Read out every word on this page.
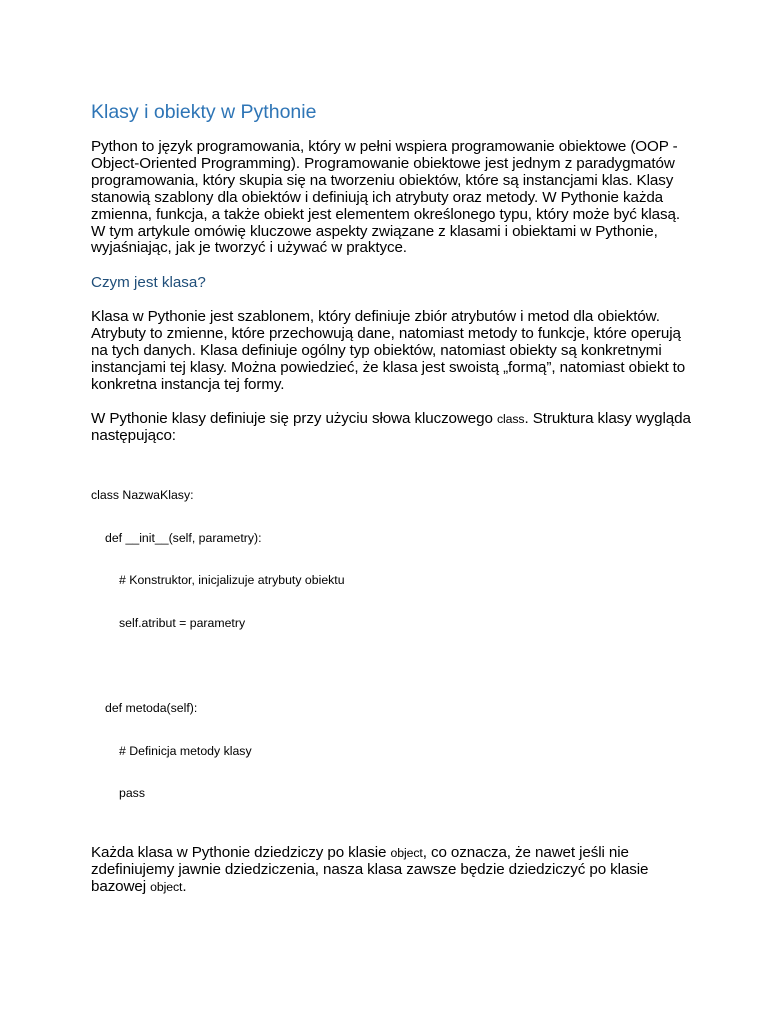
Klasy i obiekty w Pythonie

Python to język programowania, który w pełni wspiera programowanie obiektowe (OOP - Object-Oriented Programming). Programowanie obiektowe jest jednym z paradygmatów programowania, który skupia się na tworzeniu obiektów, które są instancjami klas. Klasy stanowią szablony dla obiektów i definiują ich atrybuty oraz metody. W Pythonie każda zmienna, funkcja, a także obiekt jest elementem określonego typu, który może być klasą. W tym artykule omówię kluczowe aspekty związane z klasami i obiektami w Pythonie, wyjaśniając, jak je tworzyć i używać w praktyce.

Czym jest klasa?

Klasa w Pythonie jest szablonem, który definiuje zbiór atrybutów i metod dla obiektów. Atrybuty to zmienne, które przechowują dane, natomiast metody to funkcje, które operują na tych danych. Klasa definiuje ogólny typ obiektów, natomiast obiekty są konkretnymi instancjami tej klasy. Można powiedzieć, że klasa jest swoistą „formą”, natomiast obiekt to konkretna instancja tej formy.

W Pythonie klasy definiuje się przy użyciu słowa kluczowego class. Struktura klasy wygląda następująco:

class NazwaKlasy:

def __init__(self, parametry):

# Konstruktor, inicjalizuje atrybuty obiektu

self.atribut = parametry

def metoda(self):

# Definicja metody klasy

pass

Każda klasa w Pythonie dziedziczy po klasie object, co oznacza, że nawet jeśli nie zdefiniujemy jawnie dziedziczenia, nasza klasa zawsze będzie dziedziczyć po klasie bazowej object.
